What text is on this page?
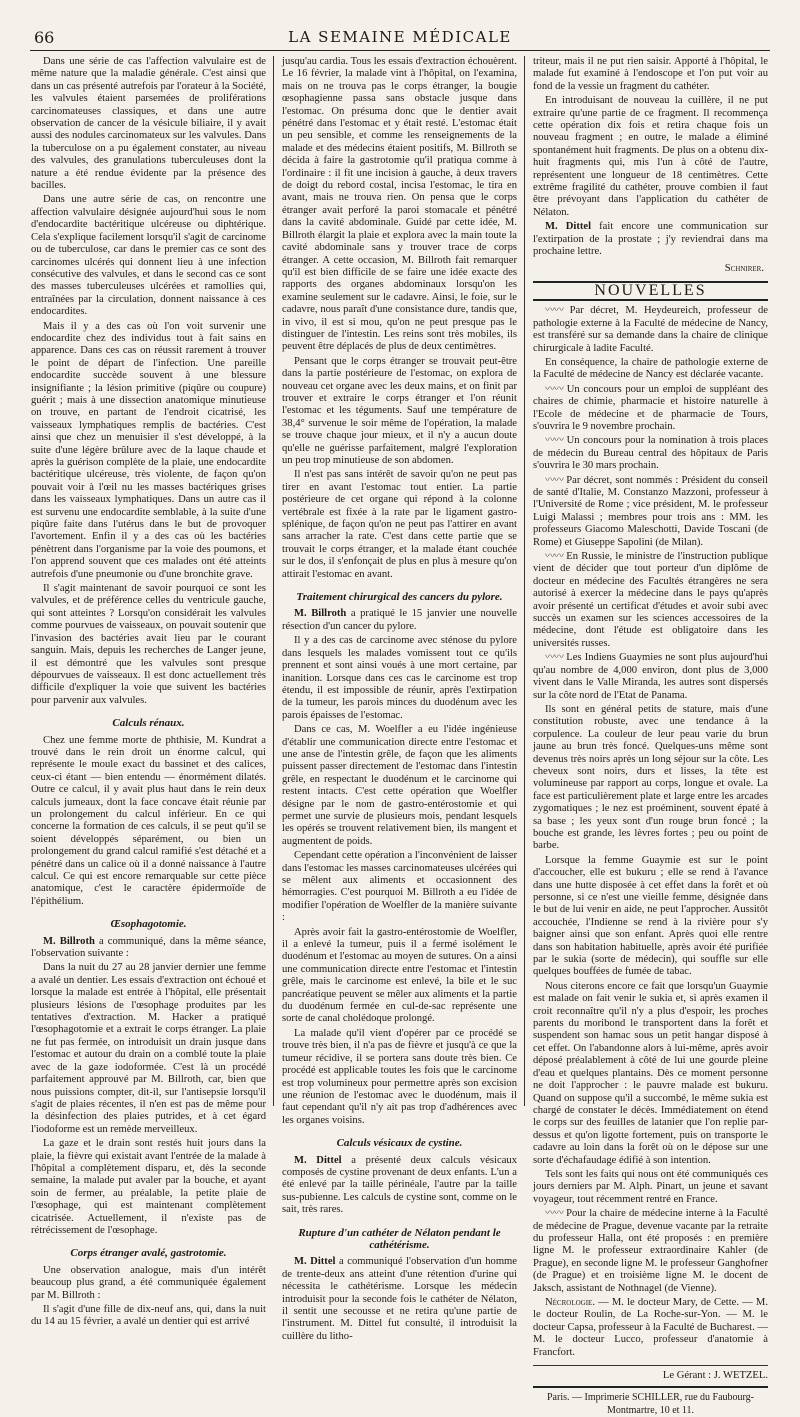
66	LA SEMAINE MÉDICALE

Dans une série de cas l'affection valvulaire est de même nature que la maladie générale. C'est ainsi que dans un cas présenté autrefois par l'orateur à la Société, les valvules étaient parsemées de proliférations carcinomateuses classiques, et dans une autre observation de cancer de la vésicule biliaire, il y avait aussi des nodules carcinomateux sur les valvules. Dans la tuberculose on a pu également constater, au niveau des valvules, des granulations tuberculeuses dont la nature a été rendue évidente par la présence des bacilles.

Dans une autre série de cas, on rencontre une affection valvulaire désignée aujourd'hui sous le nom d'endocardite bactéritique ulcéreuse ou diphtérique. Cela s'explique facilement lorsqu'il s'agit de carcinome ou de tuberculose, car dans le premier cas ce sont des carcinomes ulcérés qui donnent lieu à une infection consécutive des valvules, et dans le second cas ce sont des masses tuberculeuses ulcérées et ramollies qui, entraînées par la circulation, donnent naissance à ces endocardites.

Mais il y a des cas où l'on voit survenir une endocardite chez des individus tout à fait sains en apparence. Dans ces cas on réussit rarement à trouver le point de départ de l'infection. Une pareille endocardite succède souvent à une blessure insignifiante ; la lésion primitive (piqûre ou coupure) guérit ; mais à une dissection anatomique minutieuse on trouve, en partant de l'endroit cicatrisé, les vaisseaux lymphatiques remplis de bactéries. C'est ainsi que chez un menuisier il s'est développé, à la suite d'une légère brûlure avec de la laque chaude et après la guérison complète de la plaie, une endocardite bactéritique ulcéreuse, très violente, de façon qu'on pouvait voir à l'œil nu les masses bactériques grises dans les vaisseaux lymphatiques. Dans un autre cas il est survenu une endocardite semblable, à la suite d'une piqûre faite dans l'utérus dans le but de provoquer l'avortement. Enfin il y a des cas où les bactéries pénètrent dans l'organisme par la voie des poumons, et l'on apprend souvent que ces malades ont été atteints autrefois d'une pneumonie ou d'une bronchite grave.

Il s'agit maintenant de savoir pourquoi ce sont les valvules, et de préférence celles du ventricule gauche, qui sont atteintes ? Lorsqu'on considérait les valvules comme pourvues de vaisseaux, on pouvait soutenir que l'invasion des bactéries avait lieu par le courant sanguin. Mais, depuis les recherches de Langer jeune, il est démontré que les valvules sont presque dépourvues de vaisseaux. Il est donc actuellement très difficile d'expliquer la voie que suivent les bactéries pour parvenir aux valvules.

Calculs rénaux.

Chez une femme morte de phthisie, M. Kundrat a trouvé dans le rein droit un énorme calcul, qui représente le moule exact du bassinet et des calices, ceux-ci étant — bien entendu — énormément dilatés. Outre ce calcul, il y avait plus haut dans le rein deux calculs jumeaux, dont la face concave était réunie par un prolongement du calcul inférieur. En ce qui concerne la formation de ces calculs, il se peut qu'il se soient développés séparément, ou bien un prolongement du grand calcul ramifié s'est détaché et a pénétré dans un calice où il a donné naissance à l'autre calcul. Ce qui est encore remarquable sur cette pièce anatomique, c'est le caractère épidermoïde de l'épithélium.

Œsophagotomie.

M. Billroth a communiqué, dans la même séance, l'observation suivante :

Dans la nuit du 27 au 28 janvier dernier une femme a avalé un dentier. Les essais d'extraction ont échoué et lorsque la malade est entrée à l'hôpital, elle présentait plusieurs lésions de l'œsophage produites par les tentatives d'extraction. M. Hacker a pratiqué l'œsophagotomie et a extrait le corps étranger. La plaie ne fut pas fermée, on introduisit un drain jusque dans l'estomac et autour du drain on a comblé toute la plaie avec de la gaze iodoformée. C'est là un procédé parfaitement approuvé par M. Billroth, car, bien que nous puissions compter, dit-il, sur l'antisepsie lorsqu'il s'agit de plaies récentes, il n'en est pas de même pour la désinfection des plaies putrides, et à cet égard l'iodoforme est un remède merveilleux.

La gaze et le drain sont restés huit jours dans la plaie, la fièvre qui existait avant l'entrée de la malade à l'hôpital a complètement disparu, et, dès la seconde semaine, la malade put avaler par la bouche, et ayant soin de fermer, au préalable, la petite plaie de l'œsophage, qui est maintenant complètement cicatrisée. Actuellement, il n'existe pas de rétrécissement de l'œsophage.

Corps étranger avalé, gastrotomie.

Une observation analogue, mais d'un intérêt beaucoup plus grand, a été communiquée également par M. Billroth :

Il s'agit d'une fille de dix-neuf ans, qui, dans la nuit du 14 au 15 février, a avalé un dentier qui est arrivé

jusqu'au cardia. Tous les essais d'extraction échouèrent. Le 16 février, la malade vint à l'hôpital, on l'examina, mais on ne trouva pas le corps étranger, la bougie œsophagienne passa sans obstacle jusque dans l'estomac. On présuma donc que le dentier avait pénétré dans l'estomac et y était resté. L'estomac était un peu sensible, et comme les renseignements de la malade et des médecins étaient positifs, M. Billroth se décida à faire la gastrotomie qu'il pratiqua comme à l'ordinaire : il fit une incision à gauche, à deux travers de doigt du rebord costal, incisa l'estomac, le tira en avant, mais ne trouva rien. On pensa que le corps étranger avait perforé la paroi stomacale et pénétré dans la cavité abdominale. Guidé par cette idée, M. Billroth élargit la plaie et explora avec la main toute la cavité abdominale sans y trouver trace de corps étranger. A cette occasion, M. Billroth fait remarquer qu'il est bien difficile de se faire une idée exacte des rapports des organes abdominaux lorsqu'on les examine seulement sur le cadavre. Ainsi, le foie, sur le cadavre, nous paraît d'une consistance dure, tandis que, in vivo, il est si mou, qu'on ne peut presque pas le distinguer de l'intestin. Les reins sont très mobiles, ils peuvent être déplacés de plus de deux centimètres.

Pensant que le corps étranger se trouvait peut-être dans la partie postérieure de l'estomac, on explora de nouveau cet organe avec les deux mains, et on finit par trouver et extraire le corps étranger et l'on réunit l'estomac et les téguments. Sauf une température de 38,4° survenue le soir même de l'opération, la malade se trouve chaque jour mieux, et il n'y a aucun doute qu'elle ne guérisse parfaitement, malgré l'exploration un peu trop minutieuse de son abdomen.

Il n'est pas sans intérêt de savoir qu'on ne peut pas tirer en avant l'estomac tout entier. La partie postérieure de cet organe qui répond à la colonne vertébrale est fixée à la rate par le ligament gastro-splénique, de façon qu'on ne peut pas l'attirer en avant sans arracher la rate. C'est dans cette partie que se trouvait le corps étranger, et la malade étant couchée sur le dos, il s'enfonçait de plus en plus à mesure qu'on attirait l'estomac en avant.

Traitement chirurgical des cancers du pylore.

M. Billroth a pratiqué le 15 janvier une nouvelle résection d'un cancer du pylore.

Il y a des cas de carcinome avec sténose du pylore dans lesquels les malades vomissent tout ce qu'ils prennent et sont ainsi voués à une mort certaine, par inanition. Lorsque dans ces cas le carcinome est trop étendu, il est impossible de réunir, après l'extirpation de la tumeur, les parois minces du duodénum avec les parois épaisses de l'estomac.

Dans ce cas, M. Woelfler a eu l'idée ingénieuse d'établir une communication directe entre l'estomac et une anse de l'intestin grêle, de façon que les aliments puissent passer directement de l'estomac dans l'intestin grêle, en respectant le duodénum et le carcinome qui restent intacts. C'est cette opération que Woelfler désigne par le nom de gastro-entérostomie et qui permet une survie de plusieurs mois, pendant lesquels les opérés se trouvent relativement bien, ils mangent et augmentent de poids.

Cependant cette opération a l'inconvénient de laisser dans l'estomac les masses carcinomateuses ulcérées qui se mêlent aux aliments et occasionnent des hémorragies. C'est pourquoi M. Billroth a eu l'idée de modifier l'opération de Woelfler de la manière suivante :

Après avoir fait la gastro-entérostomie de Woelfler, il a enlevé la tumeur, puis il a fermé isolément le duodénum et l'estomac au moyen de sutures. On a ainsi une communication directe entre l'estomac et l'intestin grêle, mais le carcinome est enlevé, la bile et le suc pancréatique peuvent se mêler aux aliments et la partie du duodénum fermée en cul-de-sac représente une sorte de canal cholédoque prolongé.

La malade qu'il vient d'opérer par ce procédé se trouve très bien, il n'a pas de fièvre et jusqu'à ce que la tumeur récidive, il se portera sans doute très bien. Ce procédé est applicable toutes les fois que le carcinome est trop volumineux pour permettre après son excision une réunion de l'estomac avec le duodénum, mais il faut cependant qu'il n'y ait pas trop d'adhérences avec les organes voisins.

Calculs vésicaux de cystine.

M. Dittel a présenté deux calculs vésicaux composés de cystine provenant de deux enfants. L'un a été enlevé par la taille périnéale, l'autre par la taille sus-pubienne. Les calculs de cystine sont, comme on le sait, très rares.

Rupture d'un cathéter de Nélaton pendant le cathétérisme.

M. Dittel a communiqué l'observation d'un homme de trente-deux ans atteint d'une rétention d'urine qui nécessita le cathétérisme. Lorsque les médecin introduisit pour la seconde fois le cathéter de Nélaton, il sentit une secousse et ne retira qu'une partie de l'instrument. M. Dittel fut consulté, il introduisit la cuillère du litho-

triteur, mais il ne put rien saisir. Apporté à l'hôpital, le malade fut examiné à l'endoscope et l'on put voir au fond de la vessie un fragment du cathéter.

En introduisant de nouveau la cuillère, il ne put extraire qu'une partie de ce fragment. Il recommença cette opération dix fois et retira chaque fois un nouveau fragment ; en outre, le malade a éliminé spontanément huit fragments. De plus on a obtenu dix-huit fragments qui, mis l'un à côté de l'autre, représentent une longueur de 18 centimètres. Cette extrême fragilité du cathéter, prouve combien il faut être prévoyant dans l'application du cathéter de Nélaton.

M. Dittel fait encore une communication sur l'extirpation de la prostate ; j'y reviendrai dans ma prochaine lettre.

Schnirer.
NOUVELLES

〰〰 Par décret, M. Heydeureich, professeur de pathologie externe à la Faculté de médecine de Nancy, est transféré sur sa demande dans la chaire de clinique chirurgicale à ladite Faculté.

En conséquence, la chaire de pathologie externe de la Faculté de médecine de Nancy est déclarée vacante.

〰〰 Un concours pour un emploi de suppléant des chaires de chimie, pharmacie et histoire naturelle à l'Ecole de médecine et de pharmacie de Tours, s'ouvrira le 9 novembre prochain.

〰〰 Un concours pour la nomination à trois places de médecin du Bureau central des hôpitaux de Paris s'ouvrira le 30 mars prochain.

〰〰 Par décret, sont nommés : Président du conseil de santé d'Italie, M. Constanzo Mazzoni, professeur à l'Université de Rome ; vice président, M. le professeur Luigi Malassi ; membres pour trois ans : MM. les professeurs Giacomo Maleschotti, Davide Toscani (de Rome) et Giuseppe Sapolini (de Milan).

〰〰 En Russie, le ministre de l'instruction publique vient de décider que tout porteur d'un diplôme de docteur en médecine des Facultés étrangères ne sera autorisé à exercer la médecine dans le pays qu'après avoir présenté un certificat d'études et avoir subi avec succès un examen sur les sciences accessoires de la médecine, dont l'étude est obligatoire dans les universités russes.

〰〰 Les Indiens Guaymies ne sont plus aujourd'hui qu'au nombre de 4,000 environ, dont plus de 3,000 vivent dans le Valle Miranda, les autres sont dispersés sur la côte nord de l'Etat de Panama.

Ils sont en général petits de stature, mais d'une constitution robuste, avec une tendance à la corpulence. La couleur de leur peau varie du brun jaune au brun très foncé. Quelques-uns même sont devenus très noirs après un long séjour sur la côte. Les cheveux sont noirs, durs et lisses, la tête est volumineuse par rapport au corps, longue et ovale. La face est particulièrement plate et large entre les arcades zygomatiques ; le nez est proéminent, souvent épaté à sa base ; les yeux sont d'un rouge brun foncé ; la bouche est grande, les lèvres fortes ; peu ou point de barbe.

Lorsque la femme Guaymie est sur le point d'accoucher, elle est bukuru ; elle se rend à l'avance dans une hutte disposée à cet effet dans la forêt et où personne, si ce n'est une vieille femme, désignée dans le but de lui venir en aide, ne peut l'approcher. Aussitôt accouchée, l'Indienne se rend à la rivière pour s'y baigner ainsi que son enfant. Après quoi elle rentre dans son habitation habituelle, après avoir été purifiée par le sukia (sorte de médecin), qui souffle sur elle quelques bouffées de fumée de tabac.

Nous citerons encore ce fait que lorsqu'un Guaymie est malade on fait venir le sukia et, si après examen il croit reconnaître qu'il n'y a plus d'espoir, les proches parents du moribond le transportent dans la forêt et suspendent son hamac sous un petit hangar disposé à cet effet. On l'abandonne alors à lui-même, après avoir déposé préalablement à côté de lui une gourde pleine d'eau et quelques plantains. Dès ce moment personne ne doit l'approcher : le pauvre malade est bukuru. Quand on suppose qu'il a succombé, le même sukia est chargé de constater le décès. Immédiatement on étend le corps sur des feuilles de latanier que l'on replie par-dessus et qu'on ligotte fortement, puis on transporte le cadavre au loin dans la forêt où on le dépose sur une sorte d'échafaudage édifié à son intention.

Tels sont les faits qui nous ont été communiqués ces jours derniers par M. Alph. Pinart, un jeune et savant voyageur, tout récemment rentré en France.

〰〰 Pour la chaire de médecine interne à la Faculté de médecine de Prague, devenue vacante par la retraite du professeur Halla, ont été proposés : en première ligne M. le professeur extraordinaire Kahler (de Prague), en seconde ligne M. le professeur Ganghofner (de Prague) et en troisième ligne M. le docent de Jaksch, assistant de Nothnagel (de Vienne).

Nécrologie. — M. le docteur Mary, de Cette. — M. le docteur Roulin, de La Roche-sur-Yon. — M. le docteur Capsa, professeur à la Faculté de Bucharest. — M. le docteur Lucco, professeur d'anatomie à Francfort.

Le Gérant : J. WETZEL.
Paris. — Imprimerie SCHILLER, rue du Faubourg-Montmartre, 10 et 11.
